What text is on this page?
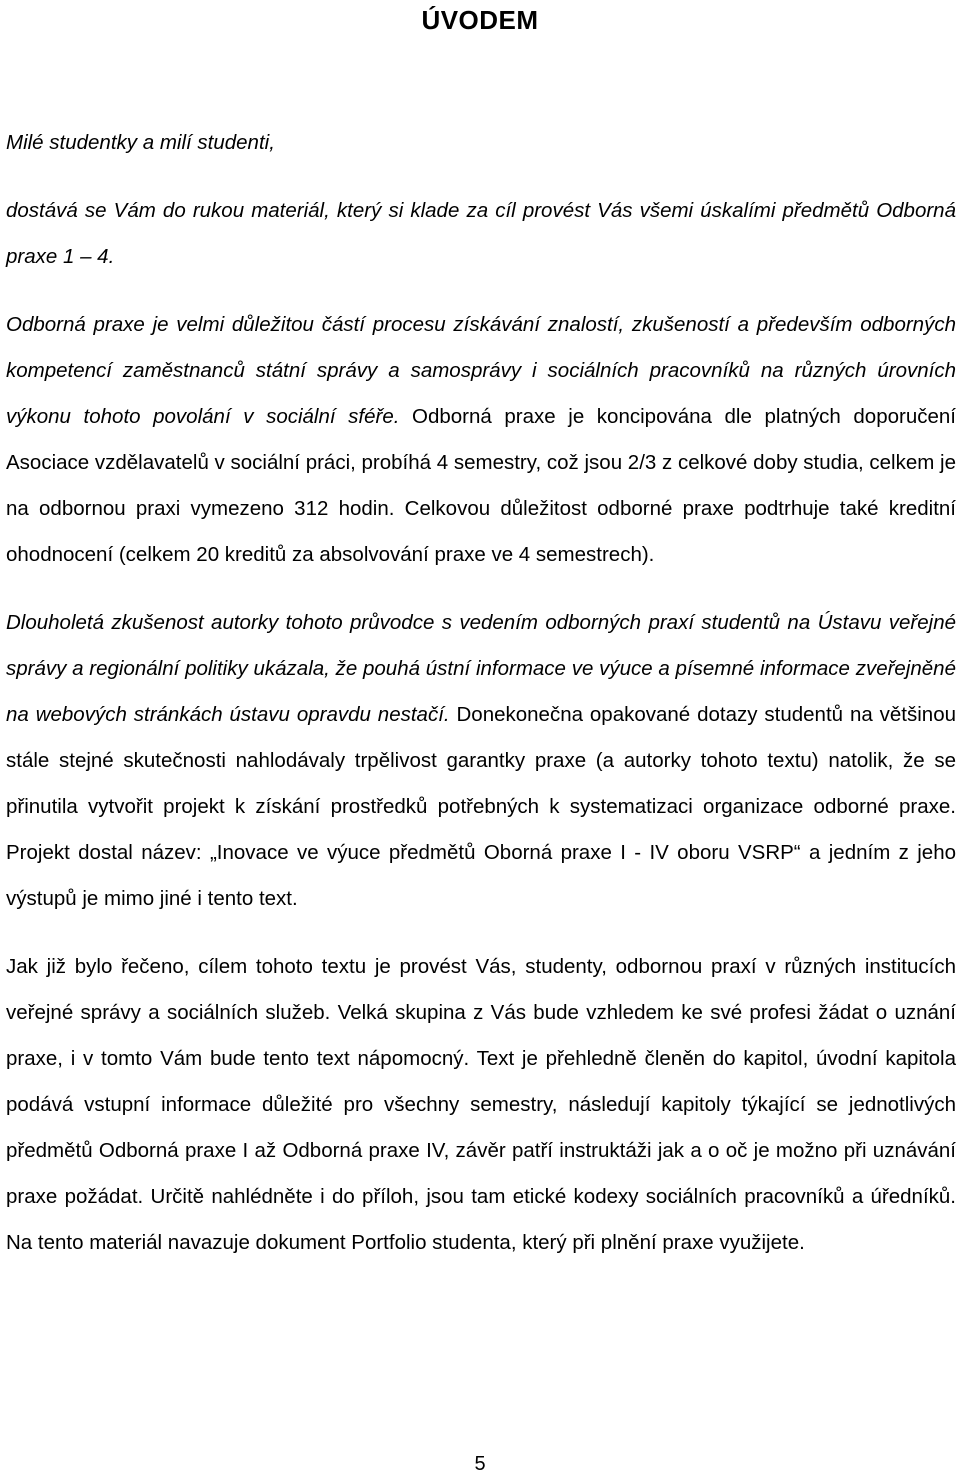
ÚVODEM

Milé studentky a milí studenti,

dostává se Vám do rukou materiál, který si klade za cíl provést Vás všemi úskalími předmětů Odborná praxe 1 – 4.

Odborná praxe je velmi důležitou částí procesu získávání znalostí, zkušeností a především odborných kompetencí zaměstnanců státní správy a samosprávy i sociálních pracovníků na různých úrovních výkonu tohoto povolání v sociální sféře. Odborná praxe je koncipována dle platných doporučení Asociace vzdělavatelů v sociální práci, probíhá 4 semestry, což jsou 2/3 z celkové doby studia, celkem je na odbornou praxi vymezeno 312 hodin. Celkovou důležitost odborné praxe podtrhuje také kreditní ohodnocení (celkem 20 kreditů za absolvování praxe ve 4 semestrech).

Dlouholetá zkušenost autorky tohoto průvodce s vedením odborných praxí studentů na Ústavu veřejné správy a regionální politiky ukázala, že pouhá ústní informace ve výuce a písemné informace zveřejněné na webových stránkách ústavu opravdu nestačí. Donekonečna opakované dotazy studentů na většinou stále stejné skutečnosti nahlodávaly trpělivost garantky praxe (a autorky tohoto textu) natolik, že se přinutila vytvořit projekt k získání prostředků potřebných k systematizaci organizace odborné praxe. Projekt dostal název: „Inovace ve výuce předmětů Oborná praxe I - IV oboru VSRP“ a jedním z jeho výstupů je mimo jiné i tento text.

Jak již bylo řečeno, cílem tohoto textu je provést Vás, studenty, odbornou praxí v různých institucích veřejné správy a sociálních služeb. Velká skupina z Vás bude vzhledem ke své profesi žádat o uznání praxe, i v tomto Vám bude tento text nápomocný. Text je přehledně členěn do kapitol, úvodní kapitola podává vstupní informace důležité pro všechny semestry, následují kapitoly týkající se jednotlivých předmětů Odborná praxe I až Odborná praxe IV, závěr patří instruktáži jak a o oč je možno při uznávání praxe požádat. Určitě nahlédněte i do příloh, jsou tam etické kodexy sociálních pracovníků a úředníků. Na tento materiál navazuje dokument Portfolio studenta, který při plnění praxe využijete.

5
